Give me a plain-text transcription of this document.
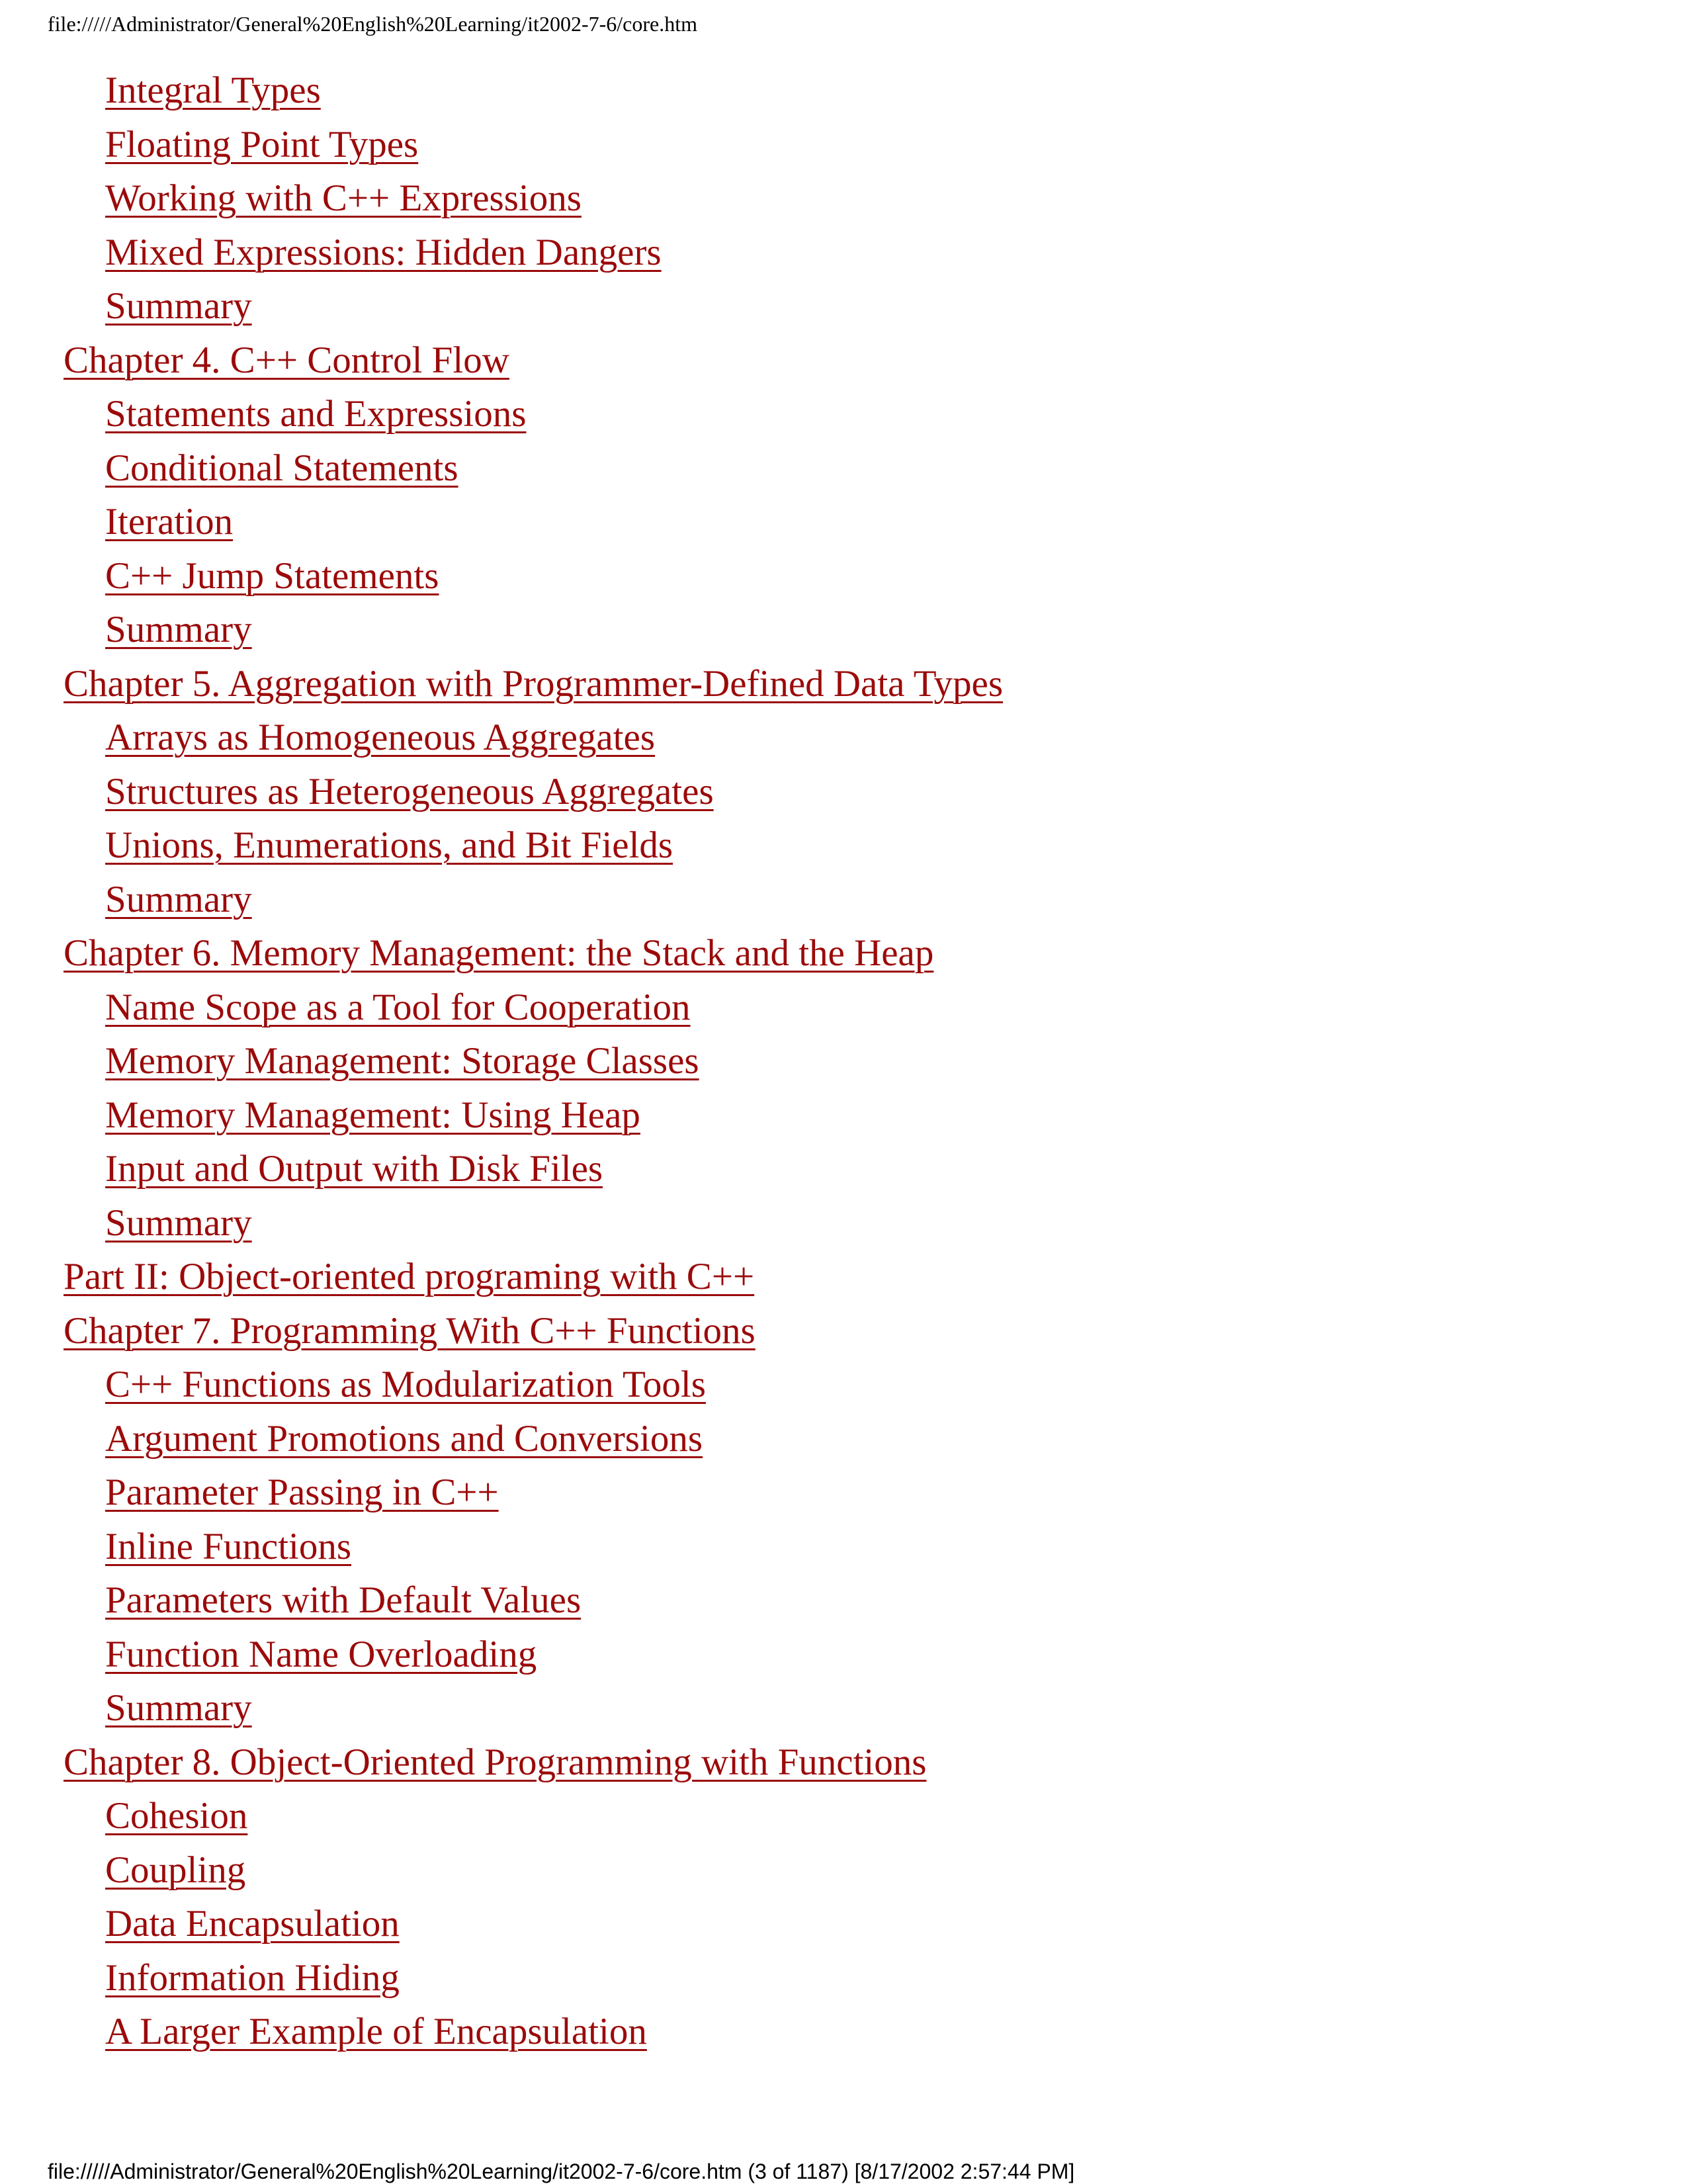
file://///Administrator/General%20English%20Learning/it2002-7-6/core.htm
Integral Types
Floating Point Types
Working with C++ Expressions
Mixed Expressions: Hidden Dangers
Summary
Chapter 4. C++ Control Flow
Statements and Expressions
Conditional Statements
Iteration
C++ Jump Statements
Summary
Chapter 5. Aggregation with Programmer-Defined Data Types
Arrays as Homogeneous Aggregates
Structures as Heterogeneous Aggregates
Unions, Enumerations, and Bit Fields
Summary
Chapter 6. Memory Management: the Stack and the Heap
Name Scope as a Tool for Cooperation
Memory Management: Storage Classes
Memory Management: Using Heap
Input and Output with Disk Files
Summary
Part II: Object-oriented programing with C++
Chapter 7. Programming With C++ Functions
C++ Functions as Modularization Tools
Argument Promotions and Conversions
Parameter Passing in C++
Inline Functions
Parameters with Default Values
Function Name Overloading
Summary
Chapter 8. Object-Oriented Programming with Functions
Cohesion
Coupling
Data Encapsulation
Information Hiding
A Larger Example of Encapsulation
file://///Administrator/General%20English%20Learning/it2002-7-6/core.htm (3 of 1187) [8/17/2002 2:57:44 PM]
